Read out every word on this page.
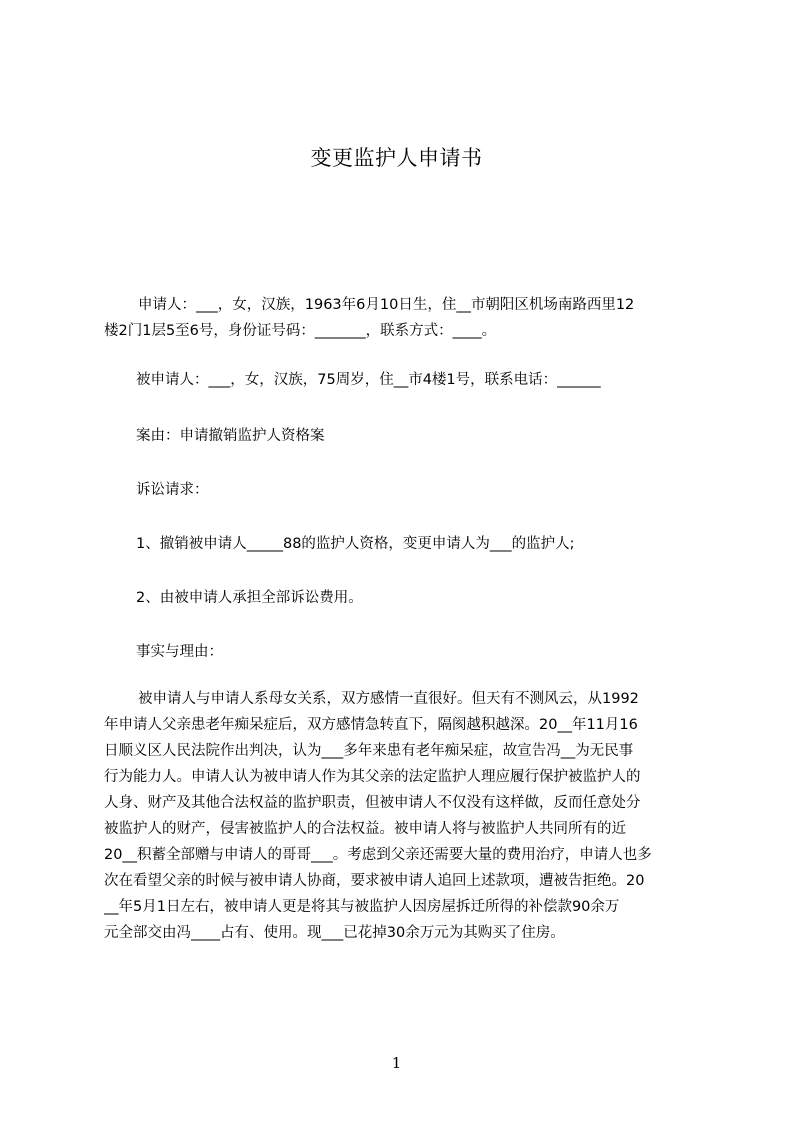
变更监护人申请书
申请人：___，女，汉族，1963年6月10日生，住__市朝阳区机场南路西里12
楼2门1层5至6号，身份证号码：_______，联系方式：____。
被申请人：___，女，汉族，75周岁，住__市4楼1号，联系电话：______
案由：申请撤销监护人资格案
诉讼请求：
1、撤销被申请人_____88的监护人资格，变更申请人为___的监护人;
2、由被申请人承担全部诉讼费用。
事实与理由：
被申请人与申请人系母女关系，双方感情一直很好。但天有不测风云，从1992
年申请人父亲患老年痴呆症后，双方感情急转直下，隔阂越积越深。20__年11月16
日顺义区人民法院作出判决，认为___多年来患有老年痴呆症，故宣告冯__为无民事
行为能力人。申请人认为被申请人作为其父亲的法定监护人理应履行保护被监护人的
人身、财产及其他合法权益的监护职责，但被申请人不仅没有这样做，反而任意处分
被监护人的财产，侵害被监护人的合法权益。被申请人将与被监护人共同所有的近
20__积蓄全部赠与申请人的哥哥___。考虑到父亲还需要大量的费用治疗，申请人也多
次在看望父亲的时候与被申请人协商，要求被申请人追回上述款项，遭被告拒绝。20
__年5月1日左右，被申请人更是将其与被监护人因房屋拆迁所得的补偿款90余万
元全部交由冯____占有、使用。现___已花掉30余万元为其购买了住房。
1
